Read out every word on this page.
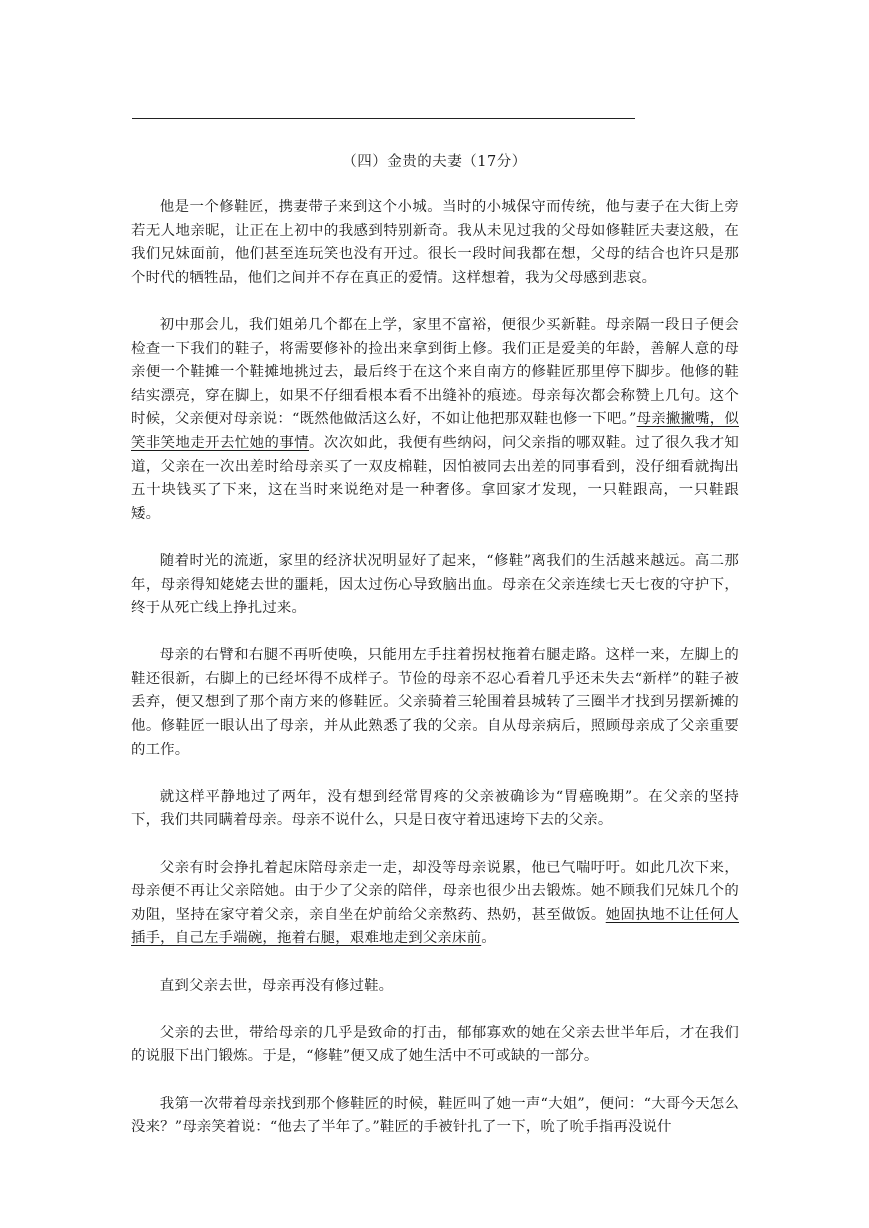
（四）金贵的夫妻（17分）

他是一个修鞋匠，携妻带子来到这个小城。当时的小城保守而传统，他与妻子在大街上旁若无人地亲昵，让正在上初中的我感到特别新奇。我从未见过我的父母如修鞋匠夫妻这般，在我们兄妹面前，他们甚至连玩笑也没有开过。很长一段时间我都在想，父母的结合也许只是那个时代的牺牲品，他们之间并不存在真正的爱情。这样想着，我为父母感到悲哀。

初中那会儿，我们姐弟几个都在上学，家里不富裕，便很少买新鞋。母亲隔一段日子便会检查一下我们的鞋子，将需要修补的捡出来拿到街上修。我们正是爱美的年龄，善解人意的母亲便一个鞋摊一个鞋摊地挑过去，最后终于在这个来自南方的修鞋匠那里停下脚步。他修的鞋结实漂亮，穿在脚上，如果不仔细看根本看不出缝补的痕迹。母亲每次都会称赞上几句。这个时候，父亲便对母亲说：“既然他做活这么好，不如让他把那双鞋也修一下吧。”母亲撇撇嘴，似笑非笑地走开去忙她的事情。次次如此，我便有些纳闷，问父亲指的哪双鞋。过了很久我才知道，父亲在一次出差时给母亲买了一双皮棉鞋，因怕被同去出差的同事看到，没仔细看就掏出五十块钱买了下来，这在当时来说绝对是一种奢侈。拿回家才发现，一只鞋跟高，一只鞋跟矮。

随着时光的流逝，家里的经济状况明显好了起来，“修鞋”离我们的生活越来越远。高二那年，母亲得知姥姥去世的噩耗，因太过伤心导致脑出血。母亲在父亲连续七天七夜的守护下，终于从死亡线上挣扎过来。

母亲的右臂和右腿不再听使唤，只能用左手拄着拐杖拖着右腿走路。这样一来，左脚上的鞋还很新，右脚上的已经坏得不成样子。节俭的母亲不忍心看着几乎还未失去“新样”的鞋子被丢弃，便又想到了那个南方来的修鞋匠。父亲骑着三轮围着县城转了三圈半才找到另摆新摊的他。修鞋匠一眼认出了母亲，并从此熟悉了我的父亲。自从母亲病后，照顾母亲成了父亲重要的工作。

就这样平静地过了两年，没有想到经常胃疼的父亲被确诊为“胃癌晚期”。在父亲的坚持下，我们共同瞒着母亲。母亲不说什么，只是日夜守着迅速垮下去的父亲。

父亲有时会挣扎着起床陪母亲走一走，却没等母亲说累，他已气喘吁吁。如此几次下来，母亲便不再让父亲陪她。由于少了父亲的陪伴，母亲也很少出去锻炼。她不顾我们兄妹几个的劝阻，坚持在家守着父亲，亲自坐在炉前给父亲熬药、热奶，甚至做饭。她固执地不让任何人插手，自己左手端碗，拖着右腿，艰难地走到父亲床前。

直到父亲去世，母亲再没有修过鞋。

父亲的去世，带给母亲的几乎是致命的打击，郁郁寡欢的她在父亲去世半年后，才在我们的说服下出门锻炼。于是，“修鞋”便又成了她生活中不可或缺的一部分。

我第一次带着母亲找到那个修鞋匠的时候，鞋匠叫了她一声“大姐”，便问：“大哥今天怎么没来？”母亲笑着说：“他去了半年了。”鞋匠的手被针扎了一下，吮了吮手指再没说什
